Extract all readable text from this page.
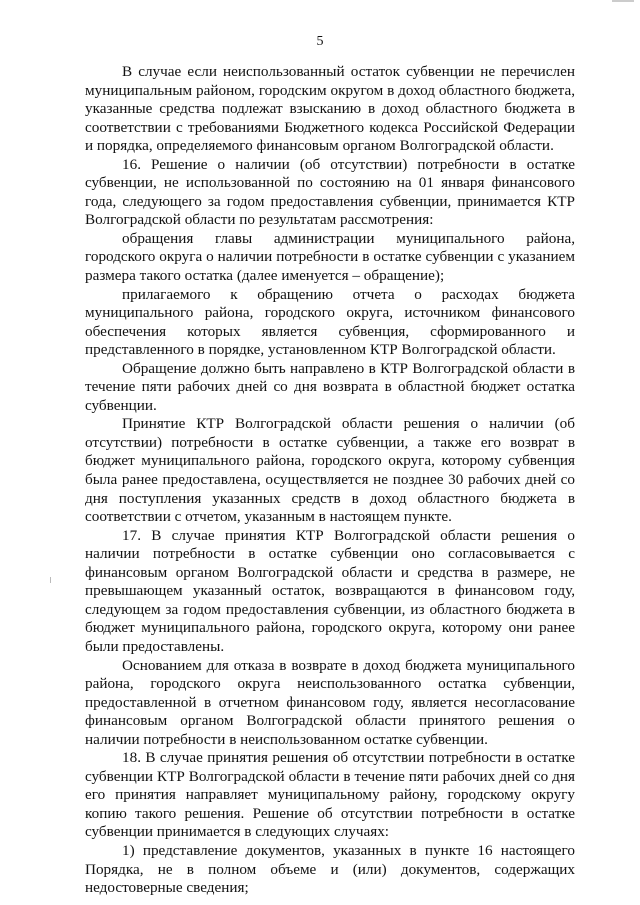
5

В случае если неиспользованный остаток субвенции не перечислен муниципальным районом, городским округом в доход областного бюджета, указанные средства подлежат взысканию в доход областного бюджета в соответствии с требованиями Бюджетного кодекса Российской Федерации и порядка, определяемого финансовым органом Волгоградской области.

16. Решение о наличии (об отсутствии) потребности в остатке субвенции, не использованной по состоянию на 01 января финансового года, следующего за годом предоставления субвенции, принимается КТР Волгоградской области по результатам рассмотрения:

обращения главы администрации муниципального района, городского округа о наличии потребности в остатке субвенции с указанием размера такого остатка (далее именуется – обращение);

прилагаемого к обращению отчета о расходах бюджета муниципального района, городского округа, источником финансового обеспечения которых является субвенция, сформированного и представленного в порядке, установленном КТР Волгоградской области.

Обращение должно быть направлено в КТР Волгоградской области в течение пяти рабочих дней со дня возврата в областной бюджет остатка субвенции.

Принятие КТР Волгоградской области решения о наличии (об отсутствии) потребности в остатке субвенции, а также его возврат в бюджет муниципального района, городского округа, которому субвенция была ранее предоставлена, осуществляется не позднее 30 рабочих дней со дня поступления указанных средств в доход областного бюджета в соответствии с отчетом, указанным в настоящем пункте.

17. В случае принятия КТР Волгоградской области решения о наличии потребности в остатке субвенции оно согласовывается с финансовым органом Волгоградской области и средства в размере, не превышающем указанный остаток, возвращаются в финансовом году, следующем за годом предоставления субвенции, из областного бюджета в бюджет муниципального района, городского округа, которому они ранее были предоставлены.

Основанием для отказа в возврате в доход бюджета муниципального района, городского округа неиспользованного остатка субвенции, предоставленной в отчетном финансовом году, является несогласование финансовым органом Волгоградской области принятого решения о наличии потребности в неиспользованном остатке субвенции.

18. В случае принятия решения об отсутствии потребности в остатке субвенции КТР Волгоградской области в течение пяти рабочих дней со дня его принятия направляет муниципальному району, городскому округу копию такого решения. Решение об отсутствии потребности в остатке субвенции принимается в следующих случаях:

1) представление документов, указанных в пункте 16 настоящего Порядка, не в полном объеме и (или) документов, содержащих недостоверные сведения;
